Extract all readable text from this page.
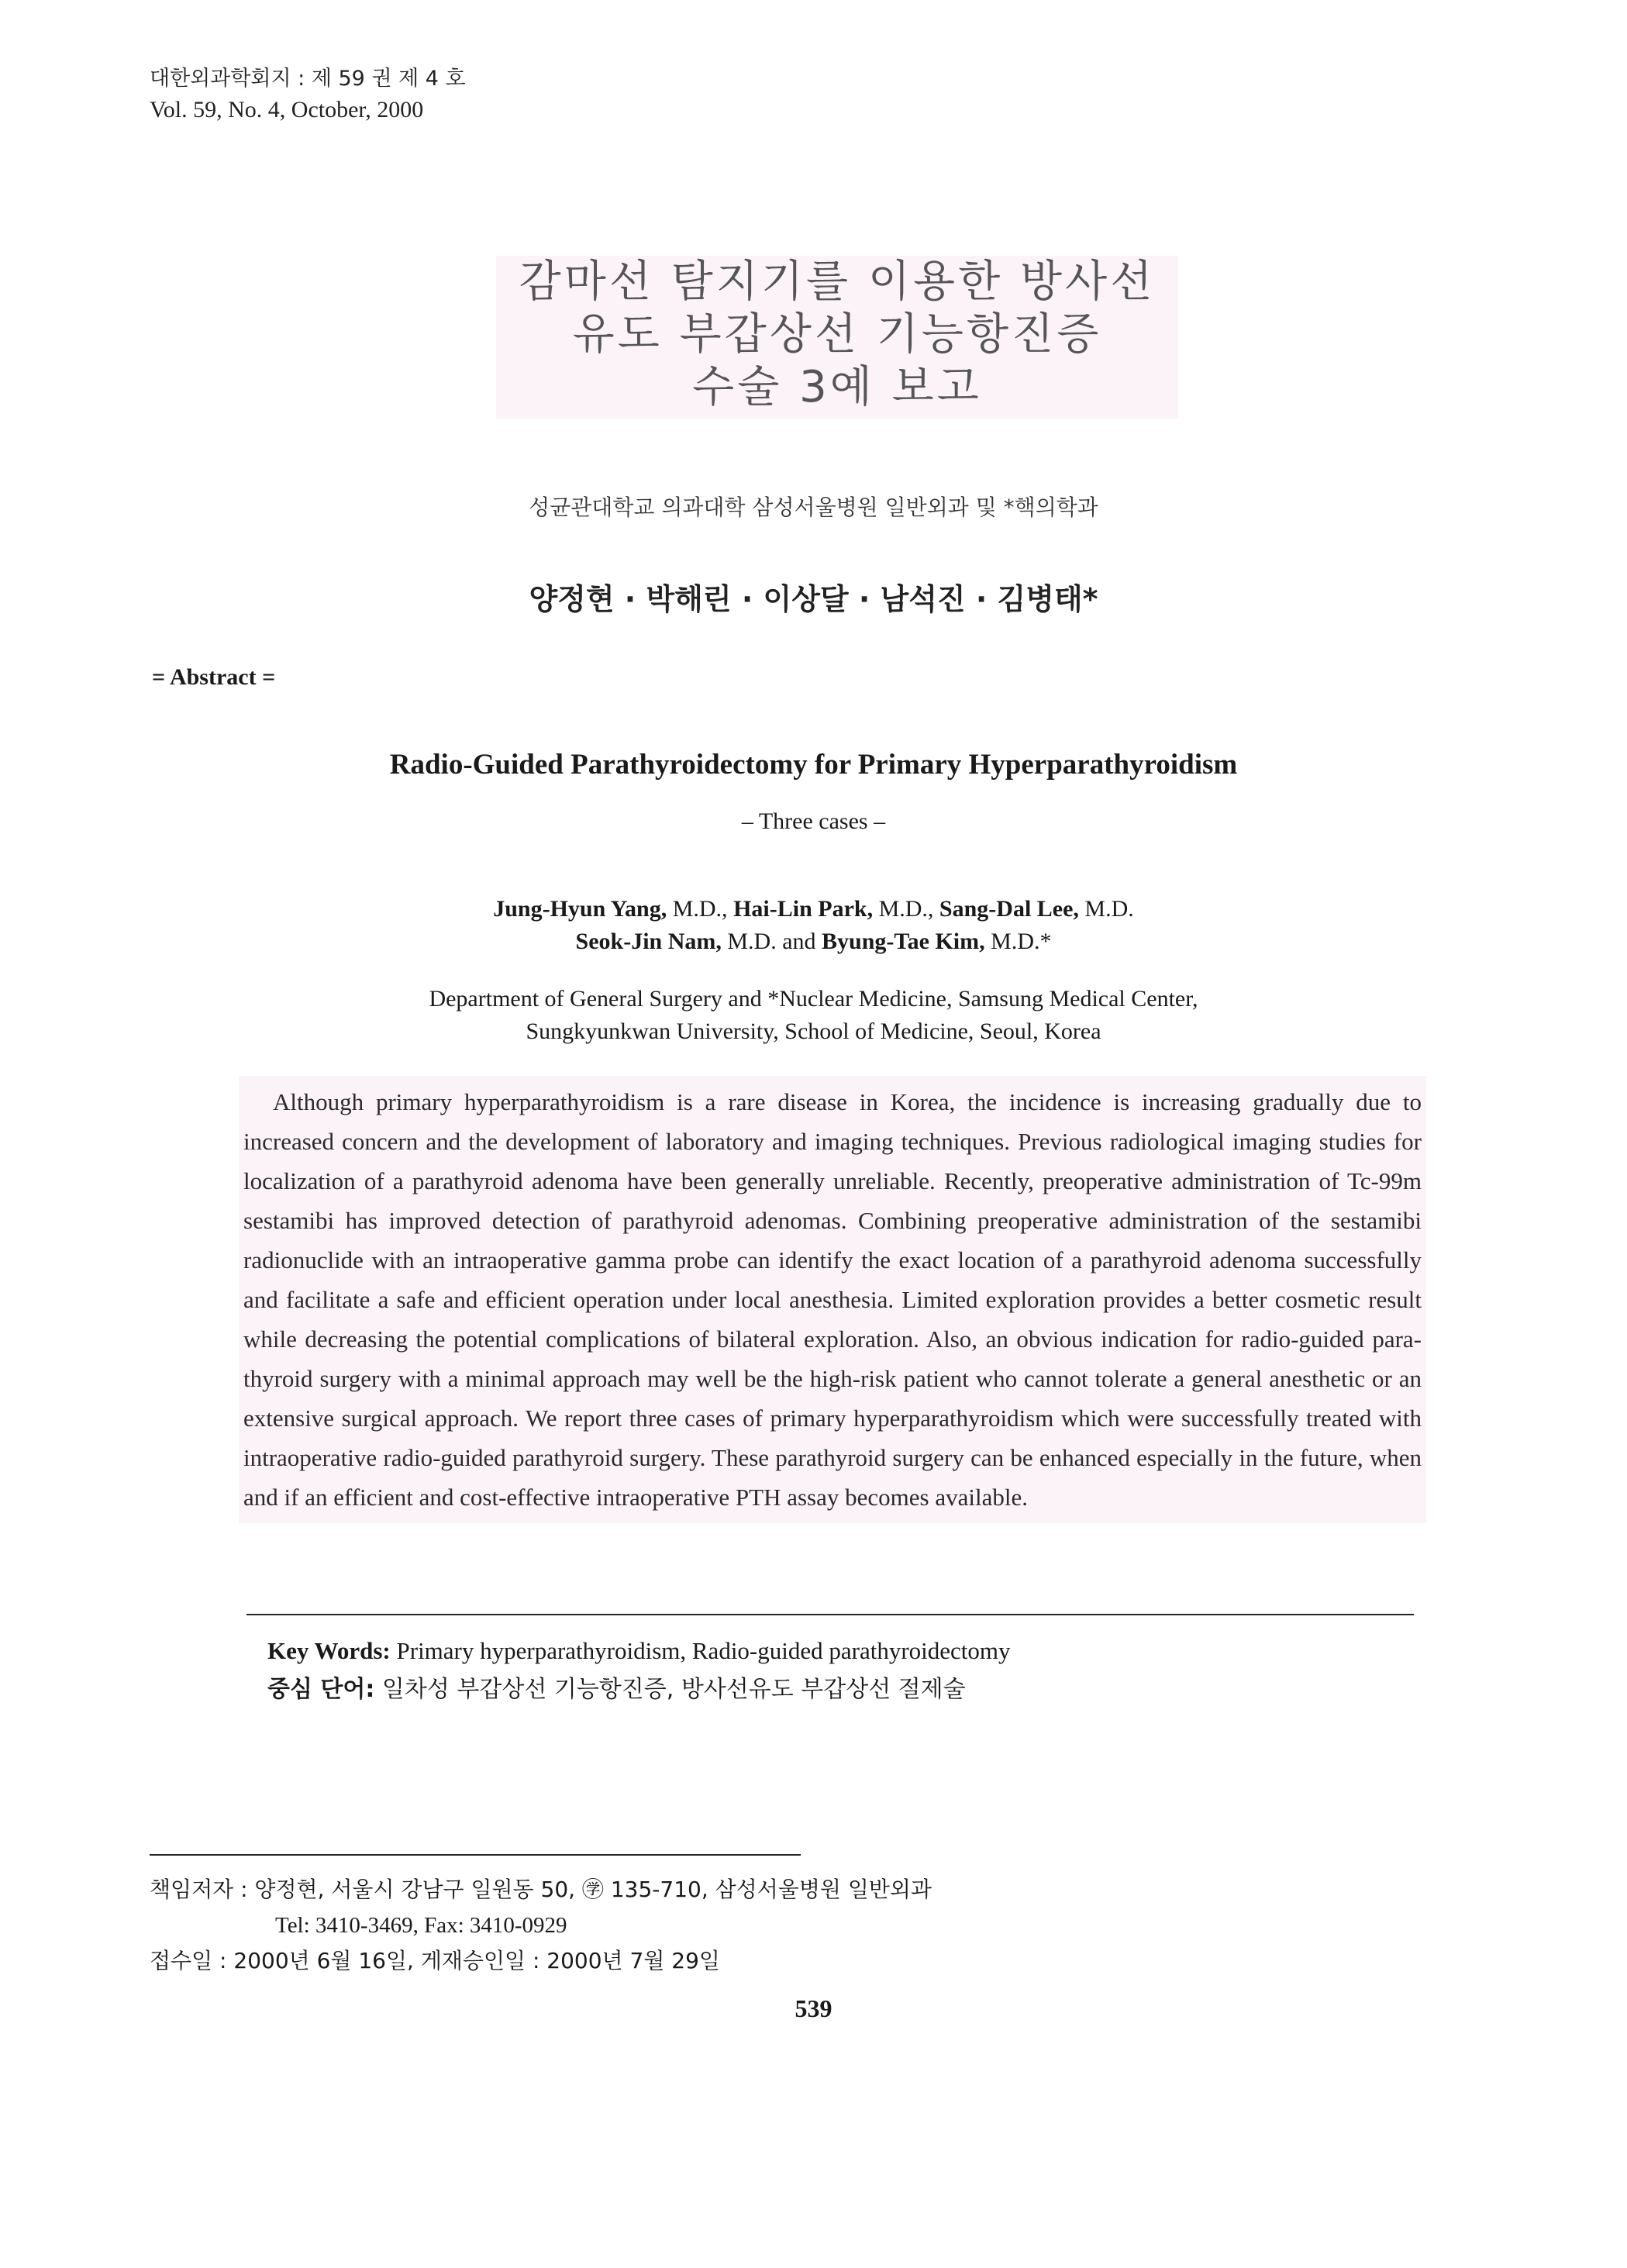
대한외과학회지 : 제 59 권 제 4 호
Vol. 59, No. 4, October, 2000
감마선 탐지기를 이용한 방사선
유도 부갑상선 기능항진증
수술 3예 보고
성균관대학교 의과대학 삼성서울병원 일반외과 및 *핵의학과
양정현 · 박해린 · 이상달 · 남석진 · 김병태*
= Abstract =
Radio-Guided Parathyroidectomy for Primary Hyperparathyroidism
– Three cases –
Jung-Hyun Yang, M.D., Hai-Lin Park, M.D., Sang-Dal Lee, M.D.
Seok-Jin Nam, M.D. and Byung-Tae Kim, M.D.*
Department of General Surgery and *Nuclear Medicine, Samsung Medical Center,
Sungkyunkwan University, School of Medicine, Seoul, Korea
Although primary hyperparathyroidism is a rare disease in Korea, the incidence is increasing gradually due to increased concern and the development of laboratory and imaging techniques. Previous radiological imaging studies for localization of a parathyroid adenoma have been generally unreliable. Recently, preoperative administration of Tc-99m sestamibi has improved detection of parathyroid adenomas. Combining preoperative administration of the sestamibi radionuclide with an intraoperative gamma probe can identify the exact location of a parathyroid adenoma successfully and facilitate a safe and efficient operation under local anesthesia. Limited exploration provides a better cosmetic result while decreasing the potential complications of bilateral exploration. Also, an obvious indication for radio-guided para-thyroid surgery with a minimal approach may well be the high-risk patient who cannot tolerate a general anesthetic or an extensive surgical approach. We report three cases of primary hyperparathyroidism which were successfully treated with intraoperative radio-guided parathyroid surgery. These parathyroid surgery can be enhanced especially in the future, when and if an efficient and cost-effective intraoperative PTH assay becomes available.
Key Words: Primary hyperparathyroidism, Radio-guided parathyroidectomy
중심 단어: 일차성 부갑상선 기능항진증, 방사선유도 부갑상선 절제술
책임저자 : 양정현, 서울시 강남구 일원동 50, ㊫ 135-710, 삼성서울병원 일반외과
Tel: 3410-3469, Fax: 3410-0929
접수일 : 2000년 6월 16일, 게재승인일 : 2000년 7월 29일
539
